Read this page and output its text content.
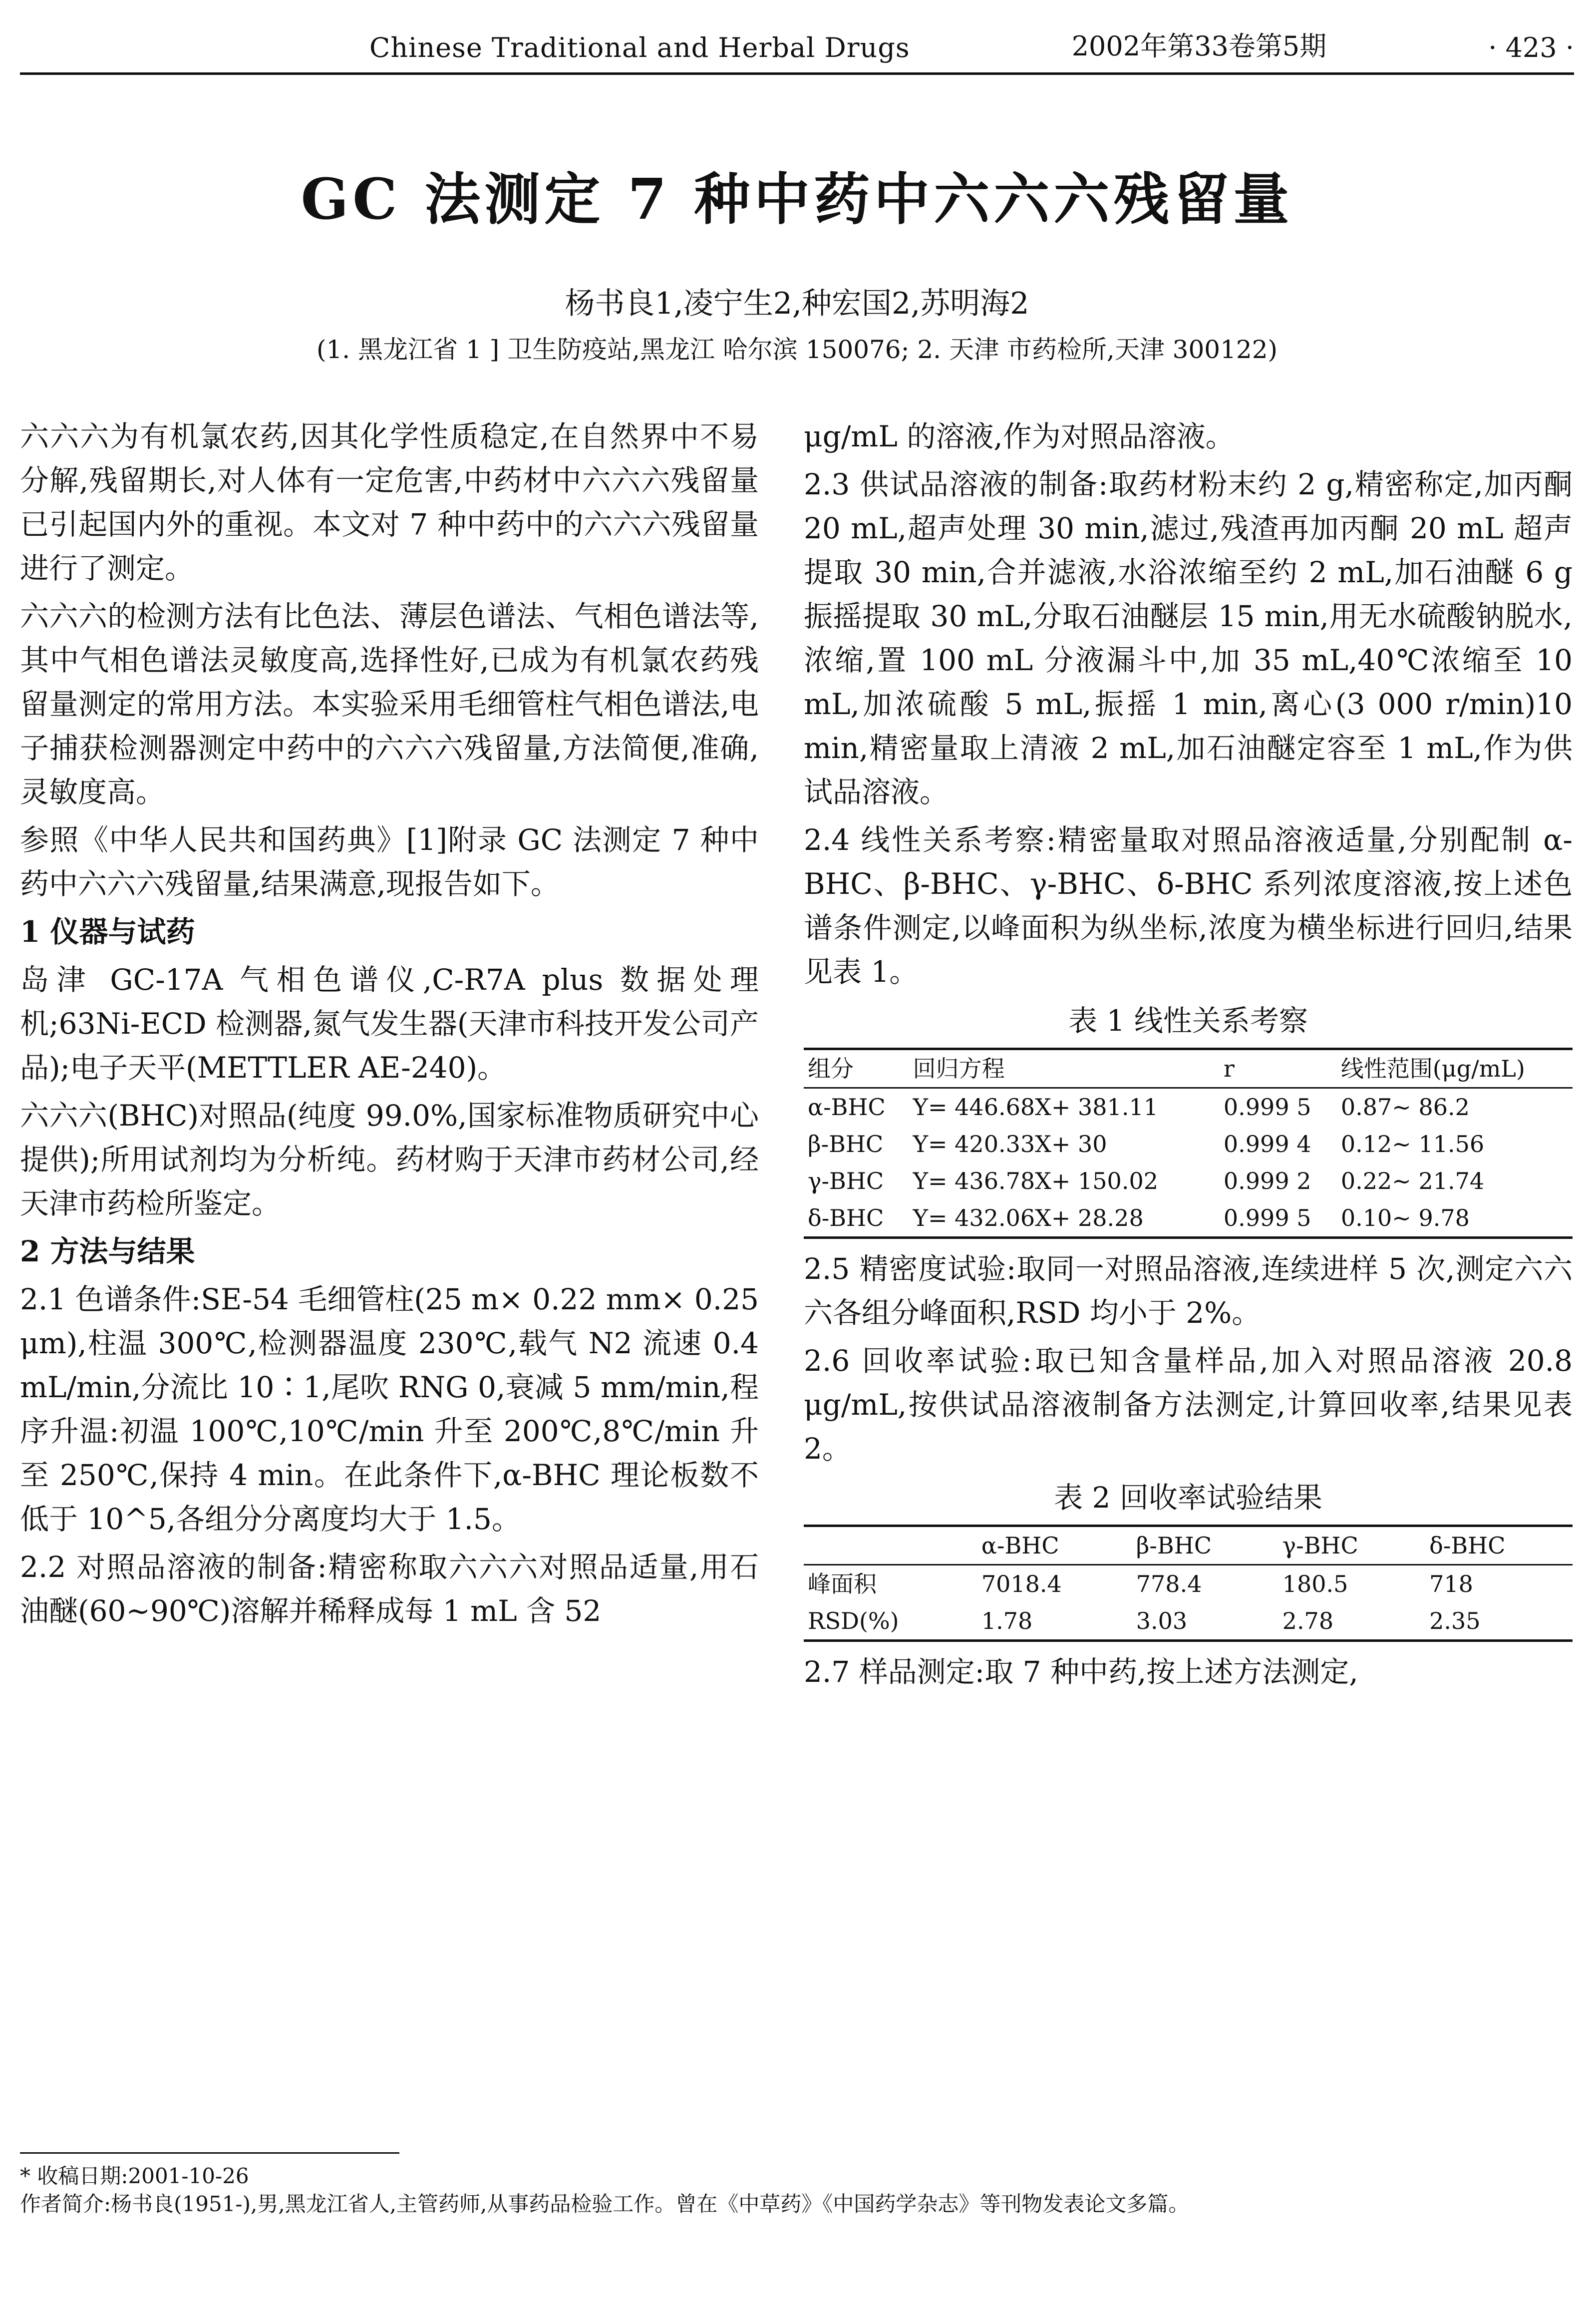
Chinese Traditional and Herbal Drugs	2002年第33卷第5期	· 423 ·
GC 法测定 7 种中药中六六六残留量
杨书良1,凌宁生2,种宏国2,苏明海2
(1. 黑龙江省 1 ] 卫生防疫站,黑龙江 哈尔滨 150076; 2. 天津 市药检所,天津 300122)

六六六为有机氯农药,因其化学性质稳定,在自然界中不易分解,残留期长,对人体有一定危害,中药材中六六六残留量已引起国内外的重视。本文对 7 种中药中的六六六残留量进行了测定。

六六六的检测方法有比色法、薄层色谱法、气相色谱法等,其中气相色谱法灵敏度高,选择性好,已成为有机氯农药残留量测定的常用方法。本实验采用毛细管柱气相色谱法,电子捕获检测器测定中药中的六六六残留量,方法简便,准确,灵敏度高。

参照《中华人民共和国药典》[1]附录 GC 法测定 7 种中药中六六六残留量,结果满意,现报告如下。

1 仪器与试药

岛津 GC-17A 气相色谱仪,C-R7A plus 数据处理机;63Ni-ECD 检测器,氮气发生器(天津市科技开发公司产品);电子天平(METTLER AE-240)。

六六六(BHC)对照品(纯度 99.0%,国家标准物质研究中心提供);所用试剂均为分析纯。药材购于天津市药材公司,经天津市药检所鉴定。

2 方法与结果

2.1 色谱条件:SE-54 毛细管柱(25 m× 0.22 mm× 0.25 μm),柱温 300℃,检测器温度 230℃,载气 N2 流速 0.4 mL/min,分流比 10∶1,尾吹 RNG 0,衰减 5 mm/min,程序升温:初温 100℃,10℃/min 升至 200℃,8℃/min 升至 250℃,保持 4 min。在此条件下,α-BHC 理论板数不低于 10^5,各组分分离度均大于 1.5。

2.2 对照品溶液的制备:精密称取六六六对照品适量,用石油醚(60~90℃)溶解并稀释成每 1 mL 含 52

μg/mL 的溶液,作为对照品溶液。

2.3 供试品溶液的制备:取药材粉末约 2 g,精密称定,加丙酮 20 mL,超声处理 30 min,滤过,残渣再加丙酮 20 mL 超声提取 30 min,合并滤液,水浴浓缩至约 2 mL,加石油醚 6 g 振摇提取 30 mL,分取石油醚层 15 min,用无水硫酸钠脱水,浓缩,置 100 mL 分液漏斗中,加 35 mL,40℃浓缩至 10 mL,加浓硫酸 5 mL,振摇 1 min,离心(3 000 r/min)10 min,精密量取上清液 2 mL,加石油醚定容至 1 mL,作为供试品溶液。

2.4 线性关系考察:精密量取对照品溶液适量,分别配制 α-BHC、β-BHC、γ-BHC、δ-BHC 系列浓度溶液,按上述色谱条件测定,以峰面积为纵坐标,浓度为横坐标进行回归,结果见表 1。

表 1 线性关系考察
组分	回归方程	r	线性范围(μg/mL)
α-BHC	Y= 446.68X+ 381.11	0.999 5	0.87~ 86.2
β-BHC	Y= 420.33X+ 30	0.999 4	0.12~ 11.56
γ-BHC	Y= 436.78X+ 150.02	0.999 2	0.22~ 21.74
δ-BHC	Y= 432.06X+ 28.28	0.999 5	0.10~ 9.78

2.5 精密度试验:取同一对照品溶液,连续进样 5 次,测定六六六各组分峰面积,RSD 均小于 2%。

2.6 回收率试验:取已知含量样品,加入对照品溶液 20.8 μg/mL,按供试品溶液制备方法测定,计算回收率,结果见表 2。

表 2 回收率试验结果
	α-BHC	β-BHC	γ-BHC	δ-BHC
峰面积	7018.4	778.4	180.5	718
RSD(%)	1.78	3.03	2.78	2.35

2.7 样品测定:取 7 种中药,按上述方法测定,

* 收稿日期:2001-10-26

作者简介:杨书良(1951-),男,黑龙江省人,主管药师,从事药品检验工作。曾在《中草药》《中国药学杂志》等刊物发表论文多篇。
